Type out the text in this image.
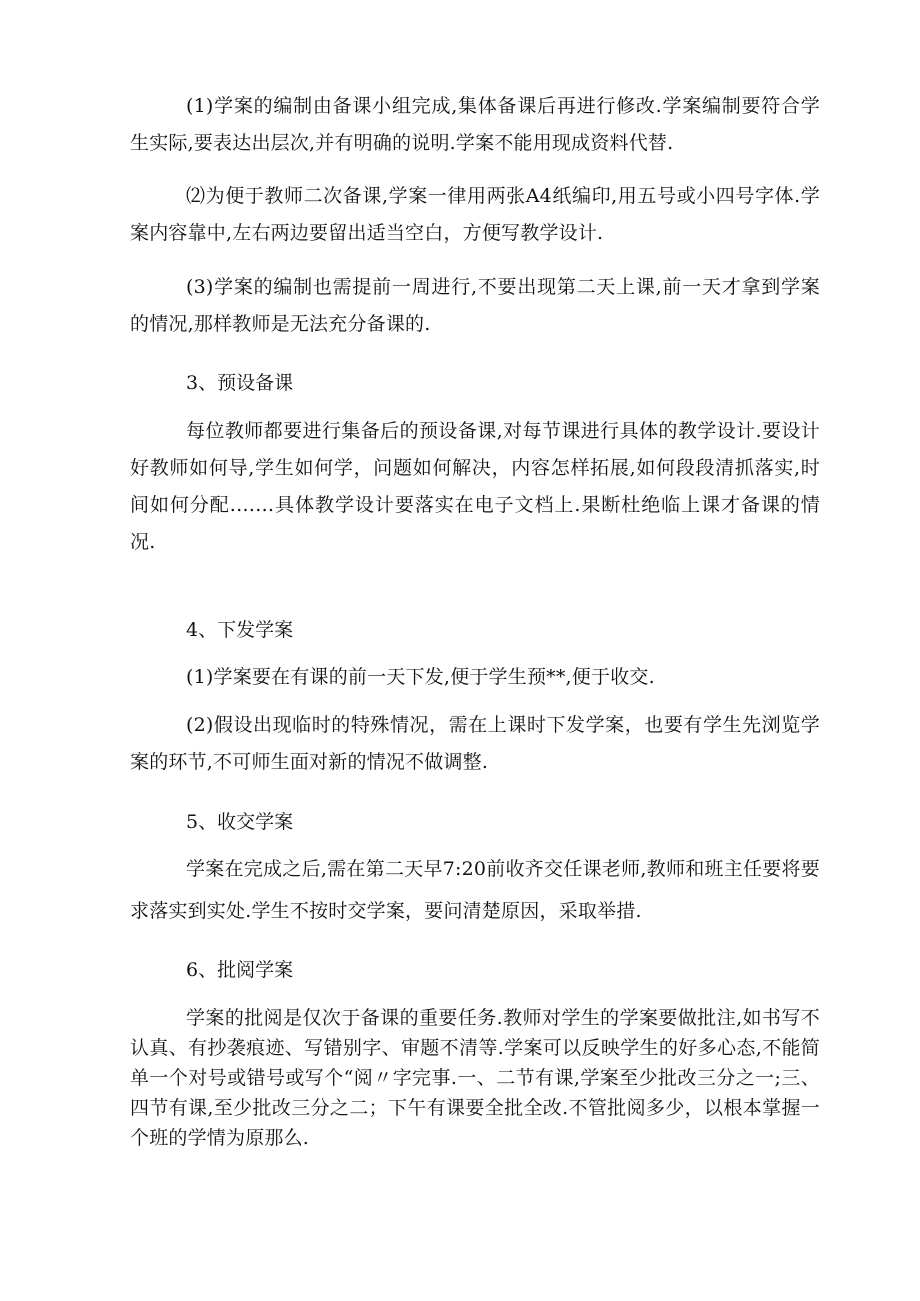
(1)学案的编制由备课小组完成,集体备课后再进行修改.学案编制要符合学生实际,要表达出层次,并有明确的说明.学案不能用现成资料代替.

⑵为便于教师二次备课,学案一律用两张A4纸编印,用五号或小四号字体.学案内容靠中,左右两边要留出适当空白，方便写教学设计.

(3)学案的编制也需提前一周进行,不要出现第二天上课,前一天才拿到学案的情况,那样教师是无法充分备课的.

3、预设备课

每位教师都要进行集备后的预设备课,对每节课进行具体的教学设计.要设计好教师如何导,学生如何学，问题如何解决，内容怎样拓展,如何段段清抓落实,时间如何分配.……具体教学设计要落实在电子文档上.果断杜绝临上课才备课的情况.

4、下发学案

(1)学案要在有课的前一天下发,便于学生预**,便于收交.

(2)假设出现临时的特殊情况，需在上课时下发学案，也要有学生先浏览学案的环节,不可师生面对新的情况不做调整.

5、收交学案

学案在完成之后,需在第二天早7:20前收齐交任课老师,教师和班主任要将要求落实到实处.学生不按时交学案，要问清楚原因，采取举措.

6、批阅学案

学案的批阅是仅次于备课的重要任务.教师对学生的学案要做批注,如书写不认真、有抄袭痕迹、写错别字、审题不清等.学案可以反映学生的好多心态,不能简单一个对号或错号或写个“阅〃字完事.一、二节有课,学案至少批改三分之一;三、四节有课,至少批改三分之二；下午有课要全批全改.不管批阅多少，以根本掌握一个班的学情为原那么.
